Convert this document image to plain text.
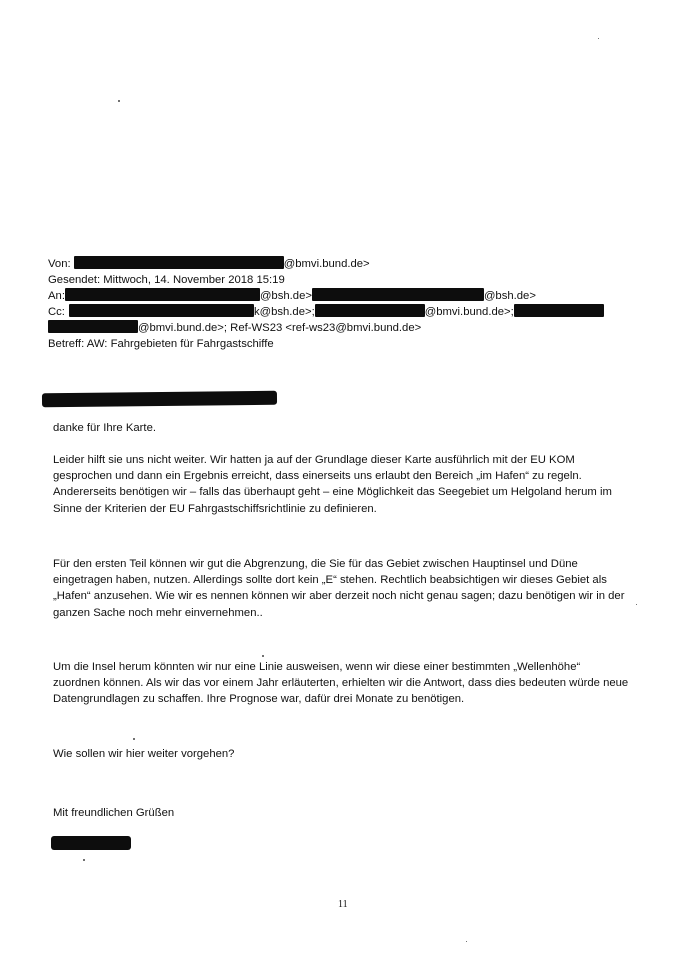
Von:	@bmvi.bund.de>
Gesendet: Mittwoch, 14. November 2018 15:19
An:	@bsh.de>	@bsh.de>
Cc:	k@bsh.de>;	@bmvi.bund.de>;
@bmvi.bund.de>; Ref-WS23 <ref-ws23@bmvi.bund.de>
Betreff: AW: Fahrgebieten für Fahrgastschiffe
danke für Ihre Karte.
Leider hilft sie uns nicht weiter. Wir hatten ja auf der Grundlage dieser Karte ausführlich mit der EU KOM
gesprochen und dann ein Ergebnis erreicht, dass einerseits uns erlaubt den Bereich „im Hafen“ zu regeln.
Andererseits benötigen wir – falls das überhaupt geht – eine Möglichkeit das Seegebiet um Helgoland herum im
Sinne der Kriterien der EU Fahrgastschiffsrichtlinie zu definieren.
Für den ersten Teil können wir gut die Abgrenzung, die Sie für das Gebiet zwischen Hauptinsel und Düne
eingetragen haben, nutzen. Allerdings sollte dort kein „E“ stehen. Rechtlich beabsichtigen wir dieses Gebiet als
„Hafen“ anzusehen. Wie wir es nennen können wir aber derzeit noch nicht genau sagen; dazu benötigen wir in der
ganzen Sache noch mehr einvernehmen..
Um die Insel herum könnten wir nur eine Linie ausweisen, wenn wir diese einer bestimmten „Wellenhöhe“
zuordnen können. Als wir das vor einem Jahr erläuterten, erhielten wir die Antwort, dass dies bedeuten würde neue
Datengrundlagen zu schaffen. Ihre Prognose war, dafür drei Monate zu benötigen.
Wie sollen wir hier weiter vorgehen?
Mit freundlichen Grüßen
11
